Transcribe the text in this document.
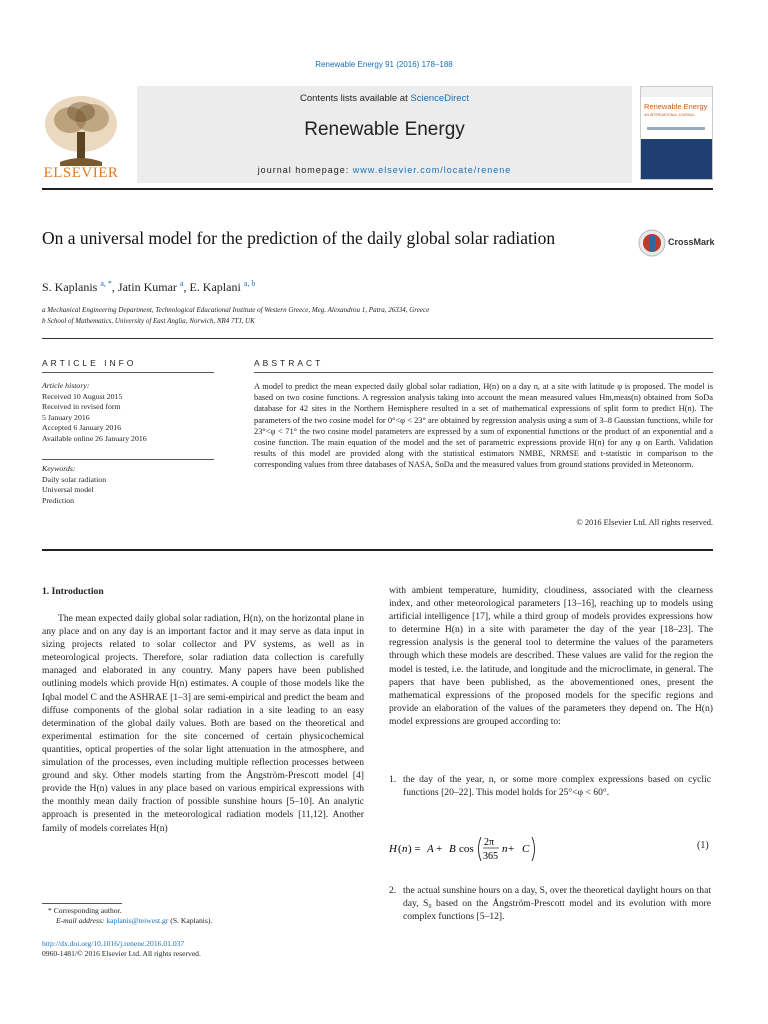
Renewable Energy 91 (2016) 178–188
Contents lists available at ScienceDirect
Renewable Energy
journal homepage: www.elsevier.com/locate/renene
ELSEVIER
Renewable Energy
AN INTERNATIONAL JOURNAL
On a universal model for the prediction of the daily global solar radiation	CrossMark
S. Kaplanis $^{a, *}$, Jatin Kumar $^a$, E. Kaplani $^{a, b}$
a Mechanical Engineering Department, Technological Educational Institute of Western Greece, Meg. Alexandrou 1, Patra, 26334, Greece
b School of Mathematics, University of East Anglia, Norwich, NR4 7TJ, UK
ARTICLE INFO
Article history:
Received 10 August 2015
Received in revised form
5 January 2016
Accepted 6 January 2016
Available online 26 January 2016
Keywords:
Daily solar radiation
Universal model
Prediction
ABSTRACT
A model to predict the mean expected daily global solar radiation, H(n) on a day n, at a site with latitude φ is proposed. The model is based on two cosine functions. A regression analysis taking into account the mean measured values Hm,meas(n) obtained from SoDa database for 42 sites in the Northern Hemisphere resulted in a set of mathematical expressions of split form to predict H(n). The parameters of the two cosine model for 0°<φ < 23° are obtained by regression analysis using a sum of 3–8 Gaussian functions, while for 23°<φ < 71° the two cosine model parameters are expressed by a sum of exponential functions or the product of an exponential and a cosine function. The main equation of the model and the set of parametric expressions provide H(n) for any φ on Earth. Validation results of this model are provided along with the statistical estimators NMBE, NRMSE and t-statistic in comparison to the corresponding values from three databases of NASA, SoDa and the measured values from ground stations provided in Meteonorm.
© 2016 Elsevier Ltd. All rights reserved.
1. Introduction
The mean expected daily global solar radiation, H(n), on the horizontal plane in any place and on any day is an important factor and it may serve as data input in sizing projects related to solar collector and PV systems, as well as in meteorological projects. Therefore, solar radiation data collection is carefully managed and elaborated in any country. Many papers have been published outlining models which provide H(n) estimates. A couple of those models like the Iqbal model C and the ASHRAE [1–3] are semi-empirical and predict the beam and diffuse components of the global solar radiation in a site leading to an easy determination of the global daily values. Both are based on the theoretical and experimental estimation for the site concerned of certain physicochemical quantities, optical properties of the solar light attenuation in the atmosphere, and simulation of the processes, even including multiple reflection processes between ground and sky. Other models starting from the Ångström-Prescott model [4] provide the H(n) values in any place based on various empirical expressions with the monthly mean daily fraction of possible sunshine hours [5–10]. An analytic approach is presented in the meteorological radiation models [11,12]. Another family of models correlates H(n)
with ambient temperature, humidity, cloudiness, associated with the clearness index, and other meteorological parameters [13–16], reaching up to models using artificial intelligence [17], while a third group of models provides expressions how to determine H(n) in a site with parameter the day of the year [18–23]. The regression analysis is the general tool to determine the values of the parameters through which these models are described. These values are valid for the region the model is tested, i.e. the latitude, and longitude and the microclimate, in general. The papers that have been published, as the abovementioned ones, present the mathematical expressions of the proposed models for the specific regions and provide an elaboration of the values of the parameters they depend on. The H(n) model expressions are grouped according to:
1. the day of the year, n, or some more complex expressions based on cyclic functions [20–22]. This model holds for 25°<φ < 60°.
H ( n ) = A + B cos
2π
365
n + C	(1)
2. the actual sunshine hours on a day, S, over the theoretical daylight hours on that day, S₀ based on the Ångström-Prescott model and its evolution with more complex functions [5–12].
* Corresponding author.
E-mail address: kaplanis@teiwest.gr (S. Kaplanis).
http://dx.doi.org/10.1016/j.renene.2016.01.037
0960-1481/© 2016 Elsevier Ltd. All rights reserved.
